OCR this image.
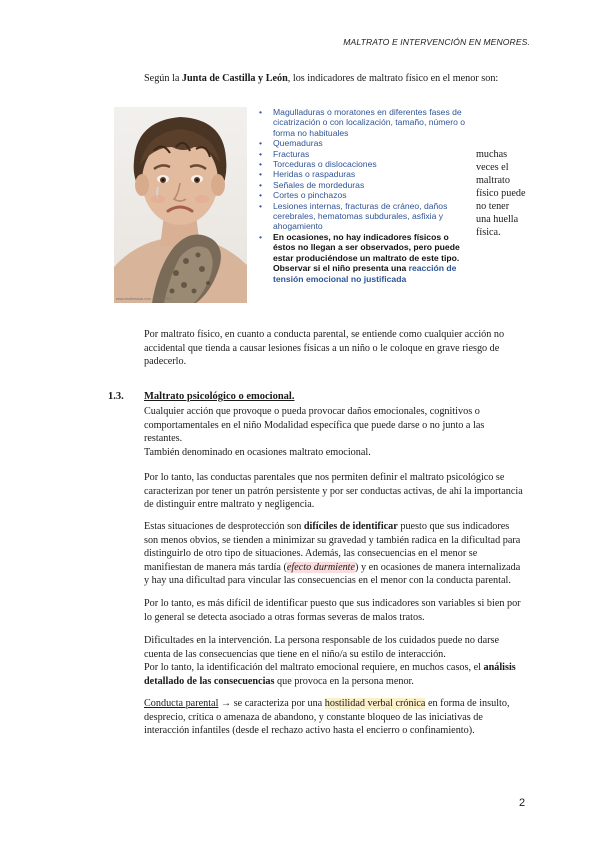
MALTRATO E INTERVENCIÓN EN MENORES.

Según la Junta de Castilla y León, los indicadores de maltrato físico en el menor son:

www.shutterstock.com · 000000000
• Magulladuras o moratones en diferentes fases de cicatrización o con localización, tamaño, número o forma no habituales
• Quemaduras
• Fracturas
• Torceduras o dislocaciones
• Heridas o raspaduras
• Señales de mordeduras
• Cortes o pinchazos
• Lesiones internas, fracturas de cráneo, daños cerebrales, hematomas subdurales, asfixia y ahogamiento
• En ocasiones, no hay indicadores físicos o éstos no llegan a ser observados, pero puede estar produciéndose un maltrato de este tipo. Observar si el niño presenta una reacción de tensión emocional no justificada

muchas veces el maltrato físico puede no tener una huella física.

Por maltrato físico, en cuanto a conducta parental, se entiende como cualquier acción no accidental que tienda a causar lesiones físicas a un niño o le coloque en grave riesgo de padecerlo.

1.3. Maltrato psicológico o emocional.

Cualquier acción que provoque o pueda provocar daños emocionales, cognitivos o comportamentales en el niño Modalidad específica que puede darse o no junto a las restantes.

También denominado en ocasiones maltrato emocional.

Por lo tanto, las conductas parentales que nos permiten definir el maltrato psicológico se caracterizan por tener un patrón persistente y por ser conductas activas, de ahí la importancia de distinguir entre maltrato y negligencia.

Estas situaciones de desprotección son difíciles de identificar puesto que sus indicadores son menos obvios, se tienden a minimizar su gravedad y también radica en la dificultad para distinguirlo de otro tipo de situaciones. Además, las consecuencias en el menor se manifiestan de manera más tardía (efecto durmiente) y en ocasiones de manera internalizada y hay una dificultad para vincular las consecuencias en el menor con la conducta parental.

Por lo tanto, es más difícil de identificar puesto que sus indicadores son variables si bien por lo general se detecta asociado a otras formas severas de malos tratos.

Dificultades en la intervención. La persona responsable de los cuidados puede no darse cuenta de las consecuencias que tiene en el niño/a su estilo de interacción.
Por lo tanto, la identificación del maltrato emocional requiere, en muchos casos, el análisis detallado de las consecuencias que provoca en la persona menor.

Conducta parental → se caracteriza por una hostilidad verbal crónica en forma de insulto, desprecio, crítica o amenaza de abandono, y constante bloqueo de las iniciativas de interacción infantiles (desde el rechazo activo hasta el encierro o confinamiento).

2
